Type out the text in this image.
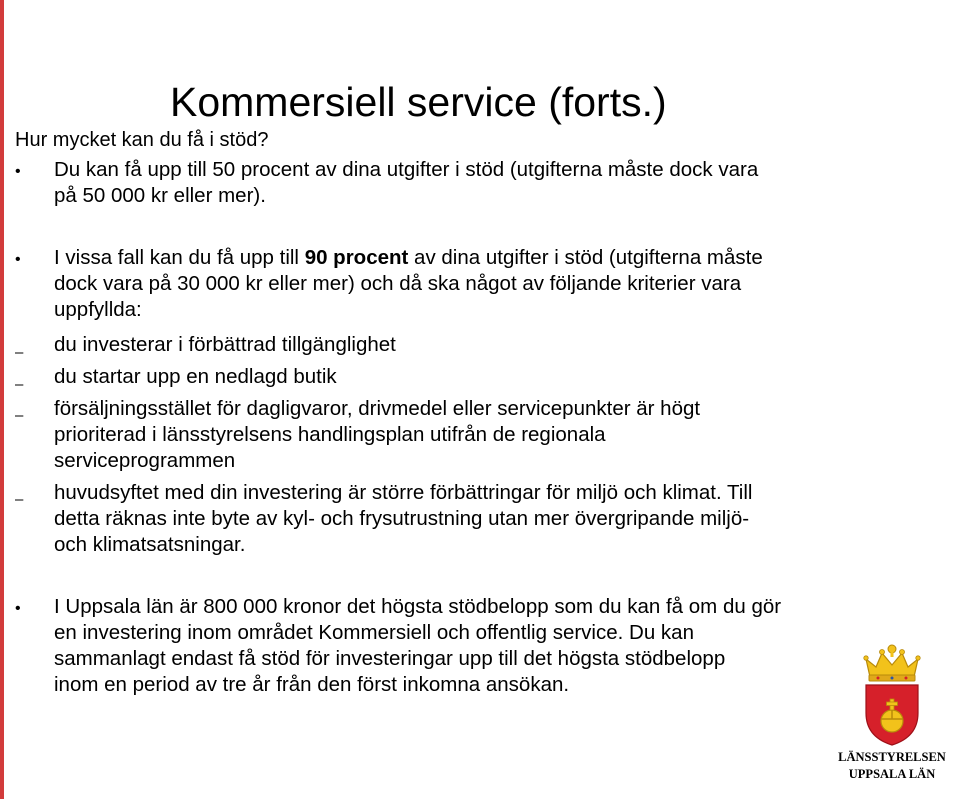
Kommersiell service (forts.)
Hur mycket kan du få i stöd?
• Du kan få upp till 50 procent av dina utgifter i stöd (utgifterna måste dock vara
på 50 000 kr eller mer).
• I vissa fall kan du få upp till 90 procent av dina utgifter i stöd (utgifterna måste
dock vara på 30 000 kr eller mer) och då ska något av följande kriterier vara
uppfyllda:
– du investerar i förbättrad tillgänglighet
– du startar upp en nedlagd butik
– försäljningsstället för dagligvaror, drivmedel eller servicepunkter är högt
prioriterad i länsstyrelsens handlingsplan utifrån de regionala
serviceprogrammen
– huvudsyftet med din investering är större förbättringar för miljö och klimat. Till
detta räknas inte byte av kyl- och frysutrustning utan mer övergripande miljö-
och klimatsatsningar.
• I Uppsala län är 800 000 kronor det högsta stödbelopp som du kan få om du gör
en investering inom området Kommersiell och offentlig service. Du kan
sammanlagt endast få stöd för investeringar upp till det högsta stödbelopp
inom en period av tre år från den först inkomna ansökan.
LÄNSSTYRELSEN
UPPSALA LÄN
